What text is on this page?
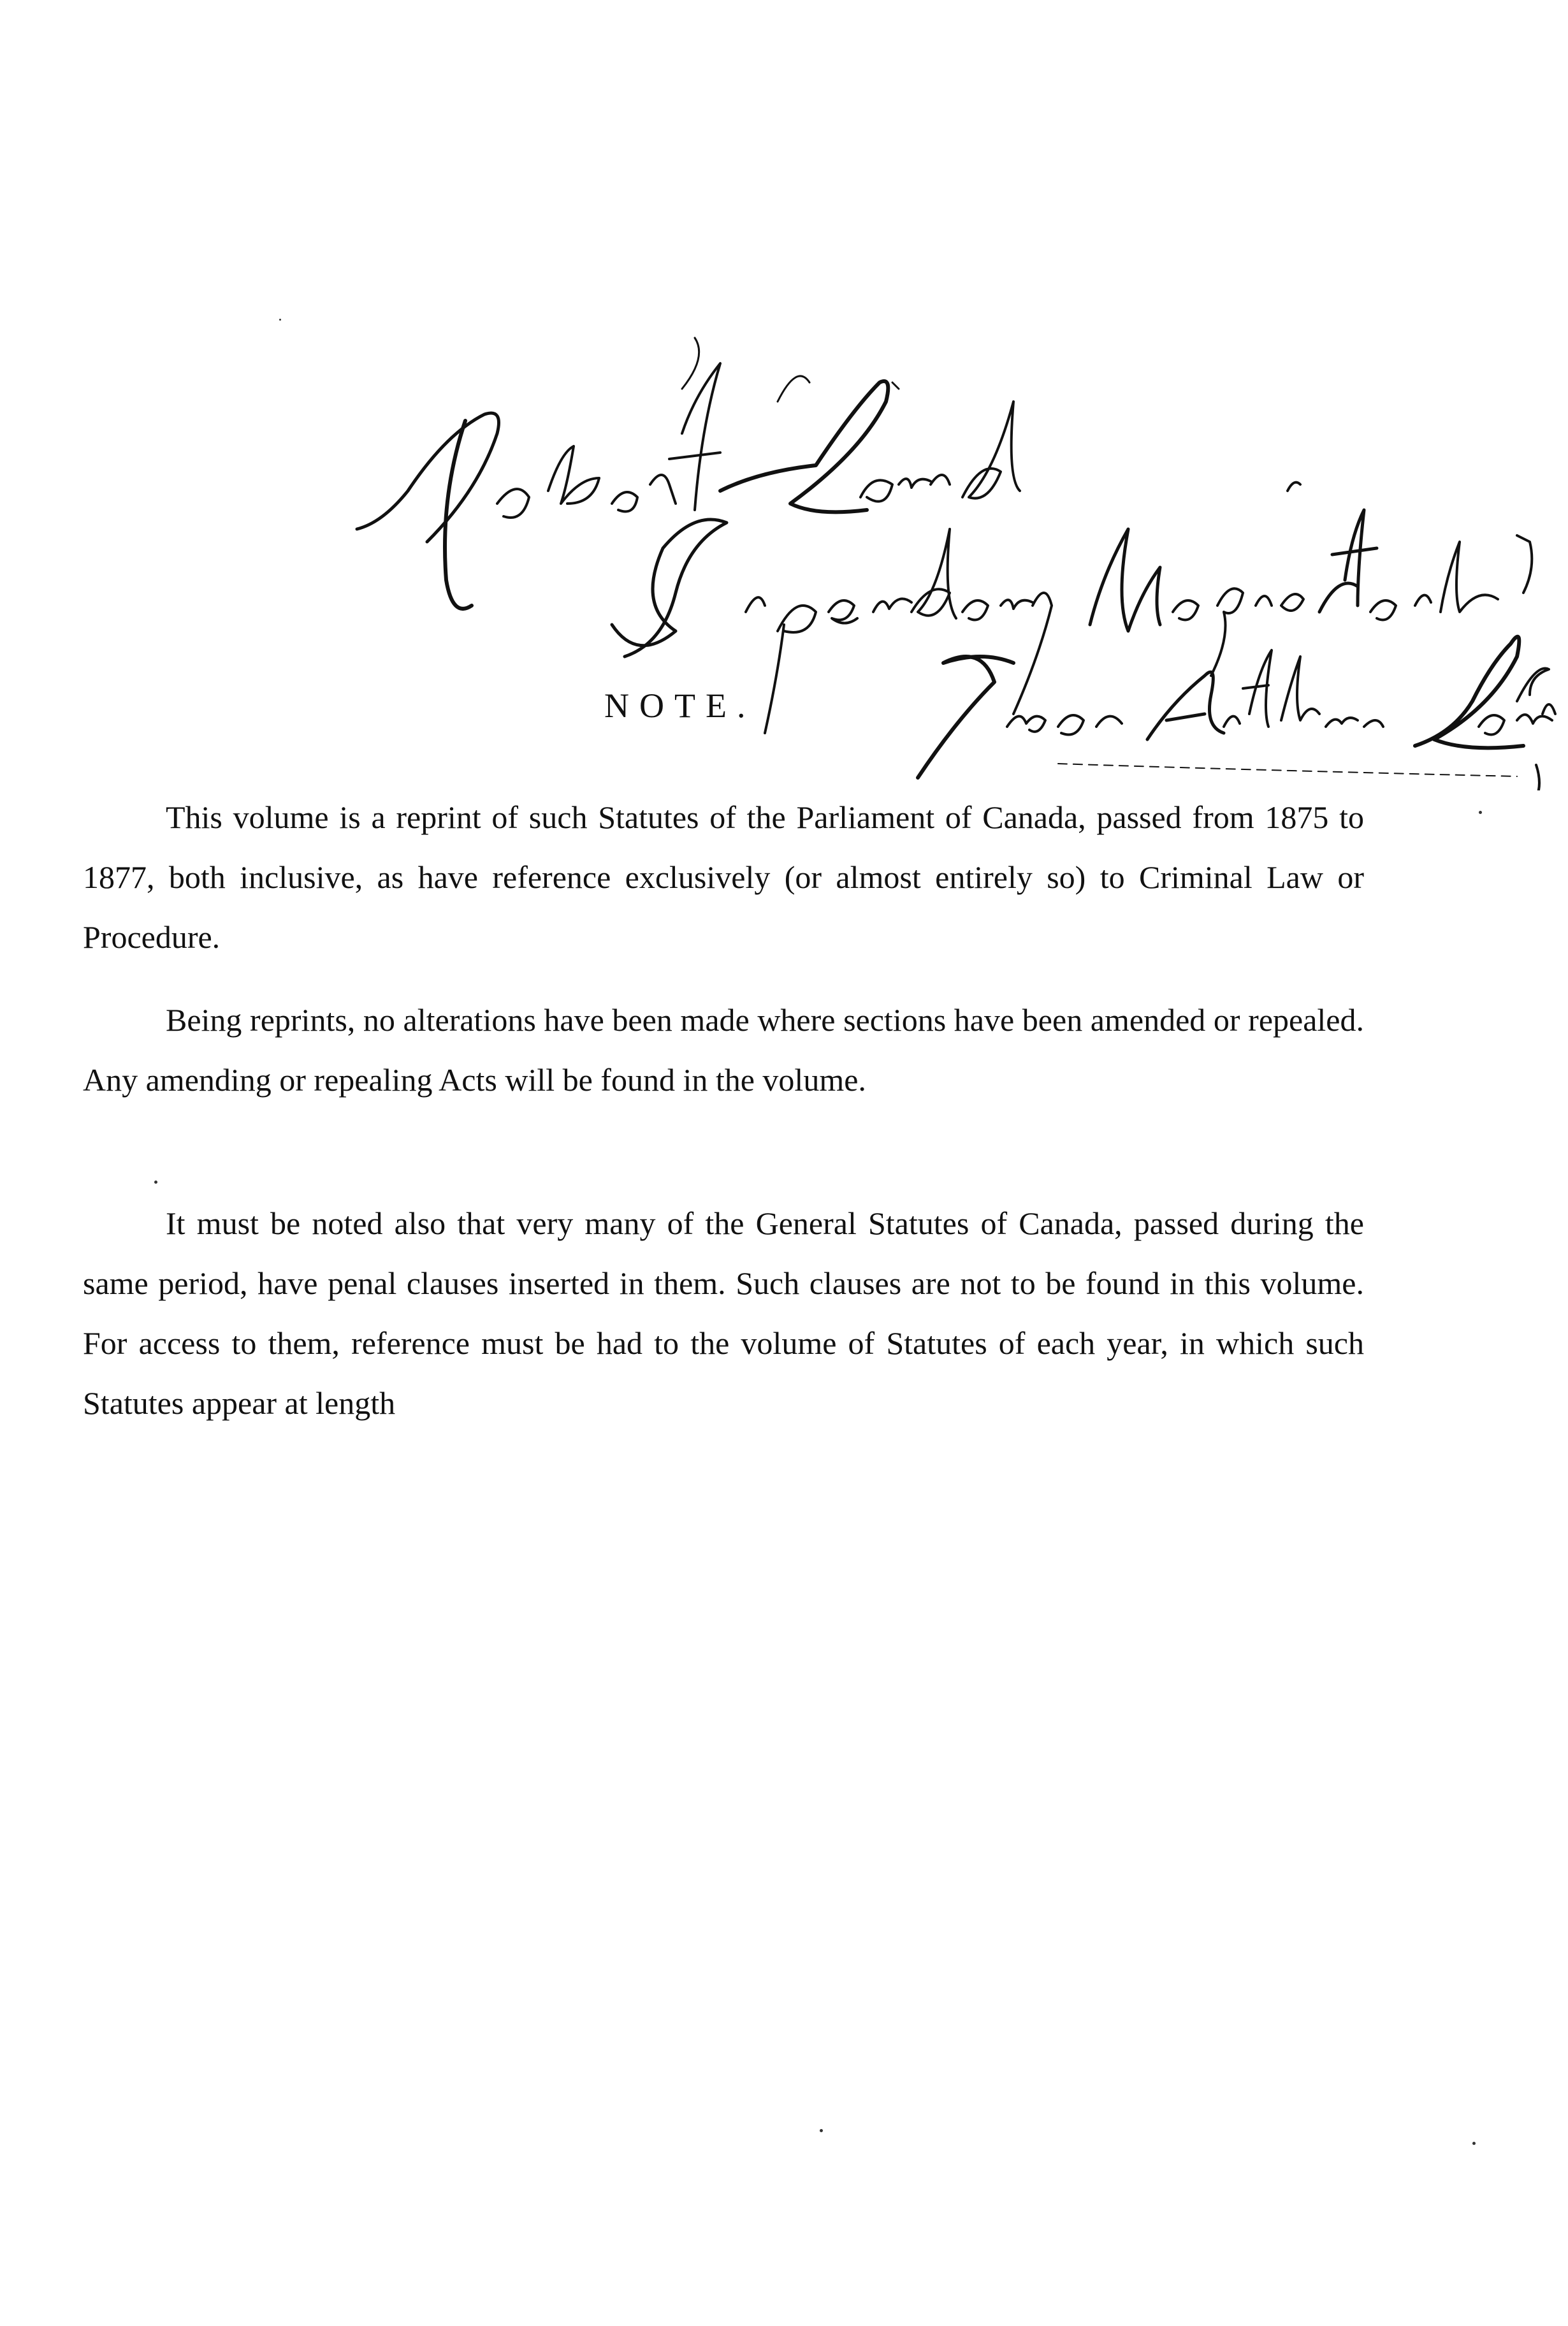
NOTE.

This volume is a reprint of such Statutes of the Parliament of Canada, passed from 1875 to 1877, both inclusive, as have reference exclusively (or almost entirely so) to Criminal Law or Procedure.

Being reprints, no alterations have been made where sections have been amended or repealed. Any amending or repealing Acts will be found in the volume.

It must be noted also that very many of the General Statutes of Canada, passed during the same period, have penal clauses inserted in them. Such clauses are not to be found in this volume. For access to them, reference must be had to the volume of Statutes of each year, in which such Statutes appear at length
